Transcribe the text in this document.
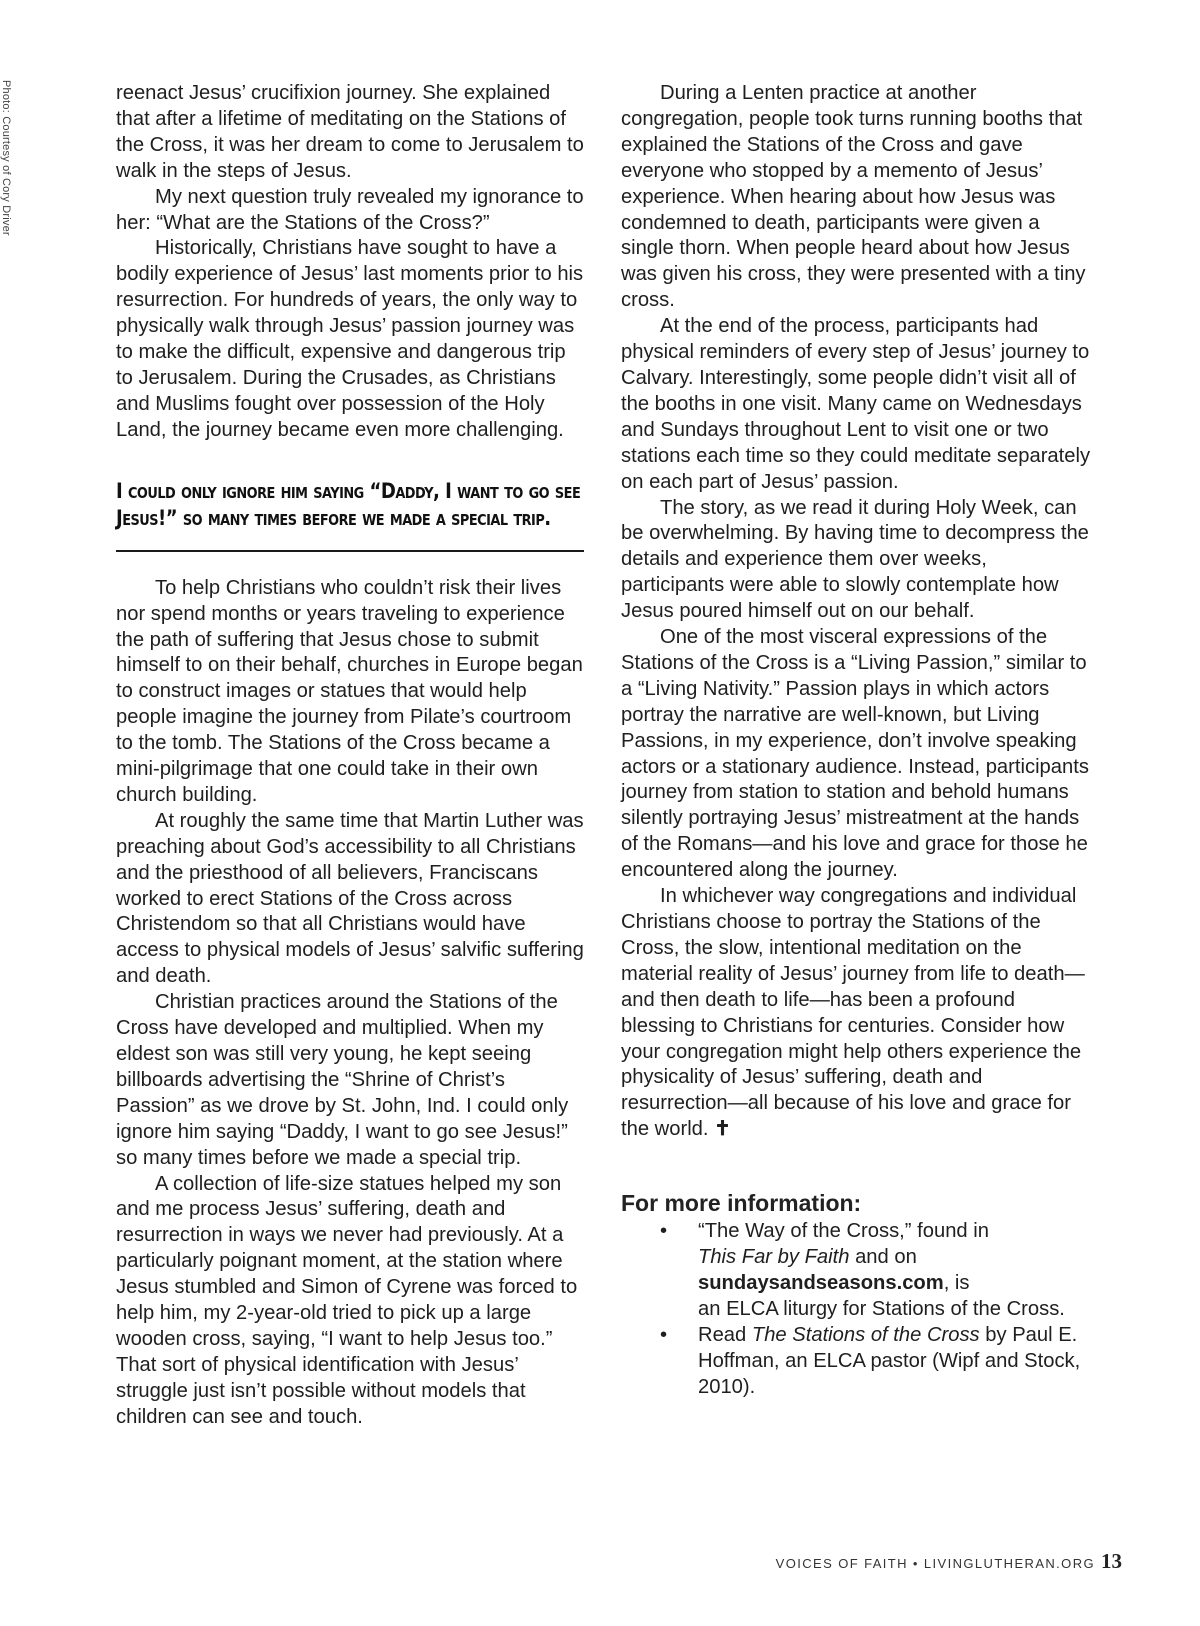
Photo: Courtesy of Cory Driver	reenact Jesus’ crucifixion journey. She explained that after a lifetime of meditating on the Stations of the Cross, it was her dream to come to Jerusalem to walk in the steps of Jesus.

My next question truly revealed my ignorance to her: “What are the Stations of the Cross?”

Historically, Christians have sought to have a bodily experience of Jesus’ last moments prior to his resurrection. For hundreds of years, the only way to physically walk through Jesus’ passion journey was to make the difficult, expensive and dangerous trip to Jerusalem. During the Crusades, as Christians and Muslims fought over possession of the Holy Land, the journey became even more challenging.

I could only ignore him saying “Daddy, I want to go see Jesus!” so many times before we made a special trip.

To help Christians who couldn’t risk their lives nor spend months or years traveling to experience the path of suffering that Jesus chose to submit himself to on their behalf, churches in Europe began to construct images or statues that would help people imagine the journey from Pilate’s courtroom to the tomb. The Stations of the Cross became a mini-pilgrimage that one could take in their own church building.

At roughly the same time that Martin Luther was preaching about God’s accessibility to all Christians and the priesthood of all believers, Franciscans worked to erect Stations of the Cross across Christendom so that all Christians would have access to physical models of Jesus’ salvific suffering and death.

Christian practices around the Stations of the Cross have developed and multiplied. When my eldest son was still very young, he kept seeing billboards advertising the “Shrine of Christ’s Passion” as we drove by St. John, Ind. I could only ignore him saying “Daddy, I want to go see Jesus!” so many times before we made a special trip.

A collection of life-size statues helped my son and me process Jesus’ suffering, death and resurrection in ways we never had previously. At a particularly poignant moment, at the station where Jesus stumbled and Simon of Cyrene was forced to help him, my 2-year-old tried to pick up a large wooden cross, saying, “I want to help Jesus too.” That sort of physical identification with Jesus’ struggle just isn’t possible without models that children can see and touch.

During a Lenten practice at another congregation, people took turns running booths that explained the Stations of the Cross and gave everyone who stopped by a memento of Jesus’ experience. When hearing about how Jesus was condemned to death, participants were given a single thorn. When people heard about how Jesus was given his cross, they were presented with a tiny cross.

At the end of the process, participants had physical reminders of every step of Jesus’ journey to Calvary. Interestingly, some people didn’t visit all of the booths in one visit. Many came on Wednesdays and Sundays throughout Lent to visit one or two stations each time so they could meditate separately on each part of Jesus’ passion.

The story, as we read it during Holy Week, can be overwhelming. By having time to decompress the details and experience them over weeks, participants were able to slowly contemplate how Jesus poured himself out on our behalf.

One of the most visceral expressions of the Stations of the Cross is a “Living Passion,” similar to a “Living Nativity.” Passion plays in which actors portray the narrative are well-known, but Living Passions, in my experience, don’t involve speaking actors or a stationary audience. Instead, participants journey from station to station and behold humans silently portraying Jesus’ mistreatment at the hands of the Romans—and his love and grace for those he encountered along the journey.

In whichever way congregations and individual Christians choose to portray the Stations of the Cross, the slow, intentional meditation on the material reality of Jesus’ journey from life to death—and then death to life—has been a profound blessing to Christians for centuries. Consider how your congregation might help others experience the physicality of Jesus’ suffering, death and resurrection—all because of his love and grace for the world. ✝

For more information:
• “The Way of the Cross,” found in
This Far by Faith and on
sundaysandseasons.com, is
an ELCA liturgy for Stations of the Cross.
• Read The Stations of the Cross by Paul E. Hoffman, an ELCA pastor (Wipf and Stock, 2010).
VOICES OF FAITH • LIVINGLUTHERAN.ORG 13
